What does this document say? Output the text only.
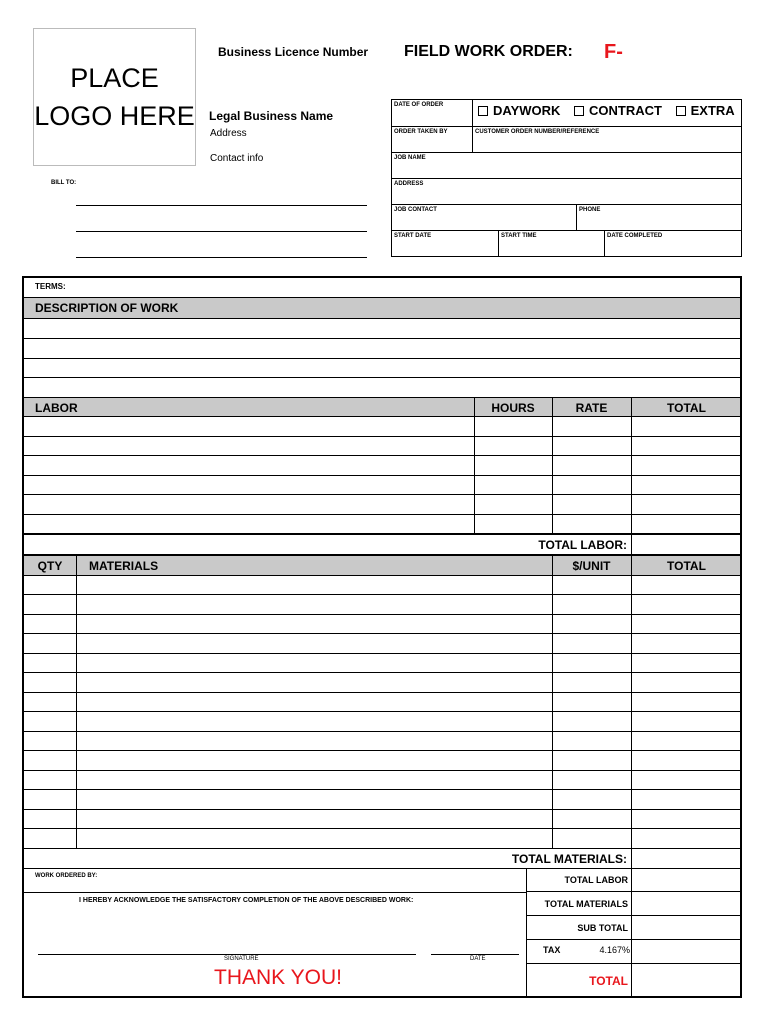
PLACE
LOGO HERE
Business Licence Number FIELD WORK ORDER: F-
Legal Business Name
Address
Contact info
BILL TO:
DATE OF ORDER	DAYWORK CONTRACT EXTRA
ORDER TAKEN BY	CUSTOMER ORDER NUMBER/REFERENCE
JOB NAME
ADDRESS
JOB CONTACT	PHONE
START DATE	START TIME	DATE COMPLETED
TERMS:
DESCRIPTION OF WORK
LABOR	HOURS	RATE	TOTAL
TOTAL LABOR:
QTY	MATERIALS	$/UNIT	TOTAL
TOTAL MATERIALS:
WORK ORDERED BY:
I HEREBY ACKNOWLEDGE THE SATISFACTORY COMPLETION OF THE ABOVE DESCRIBED WORK:
SIGNATURE	DATE
THANK YOU!
TOTAL LABOR
TOTAL MATERIALS
SUB TOTAL
TAX	4.167%
TOTAL
